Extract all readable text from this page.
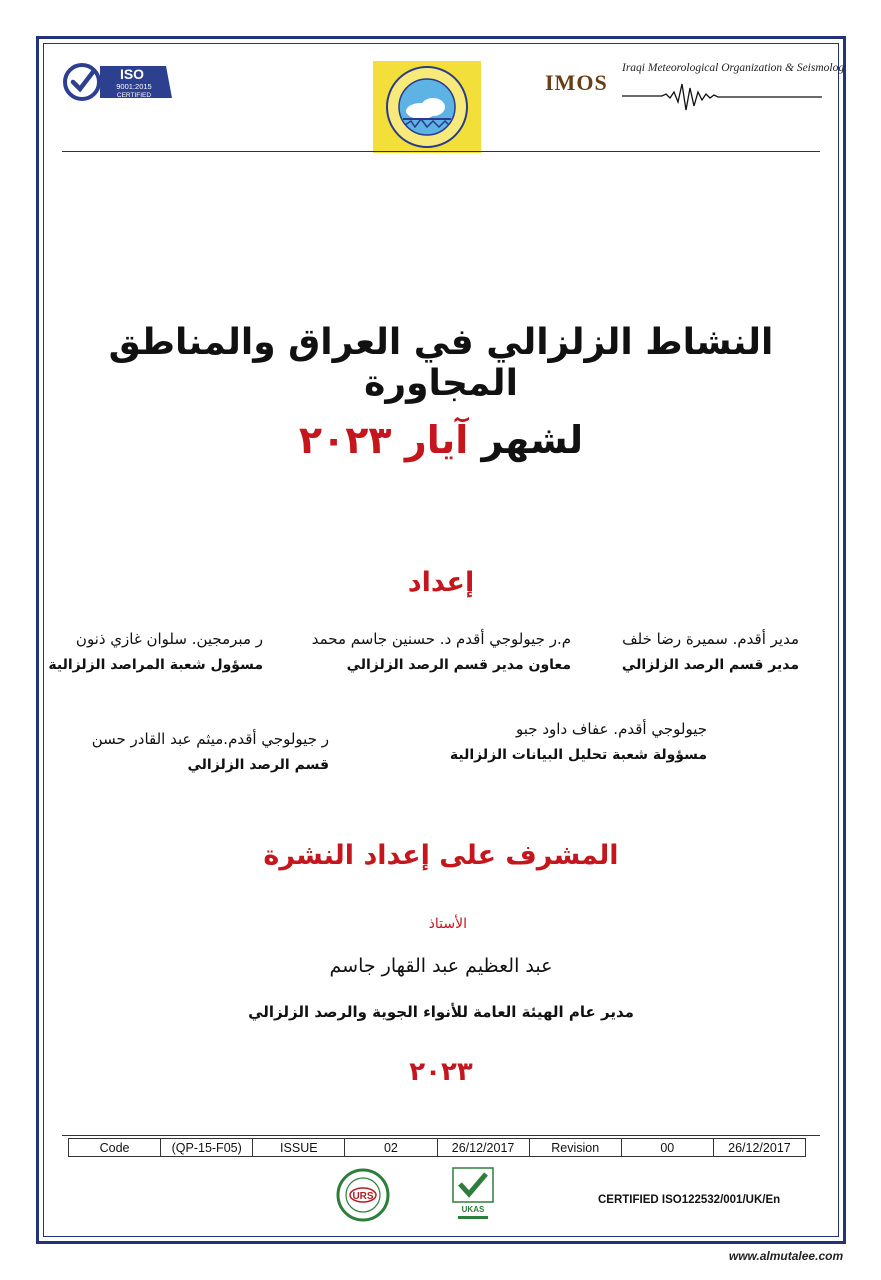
ISO
9001:2015
CERTIFIED
IMOS
Iraqi Meteorological Organization & Seismolog
النشاط الزلزالي في العراق والمناطق المجاورة
لشهر آيار ٢٠٢٣
إعداد
مدير أقدم. سميرة رضا خلف
مدير قسم الرصد الزلزالي
م.ر جيولوجي أقدم د. حسنين جاسم محمد
معاون مدير قسم الرصد الزلزالي
ر مبرمجين. سلوان غازي ذنون
مسؤول شعبة المراصد الزلزالية
جيولوجي أقدم. عفاف داود جبو
مسؤولة شعبة تحليل البيانات الزلزالية
ر جيولوجي أقدم.ميثم عبد القادر حسن
قسم الرصد الزلزالي
المشرف على إعداد النشرة
الأستاذ
عبد العظيم عبد القهار جاسم
مدير عام الهيئة العامة للأنواء الجوية والرصد الزلزالي
٢٠٢٣
Code	(QP-15-F05)	ISSUE	02	26/12/2017	Revision	00	26/12/2017
URS
UKAS
CERTIFIED ISO122532/001/UK/En
www.almutalee.com
